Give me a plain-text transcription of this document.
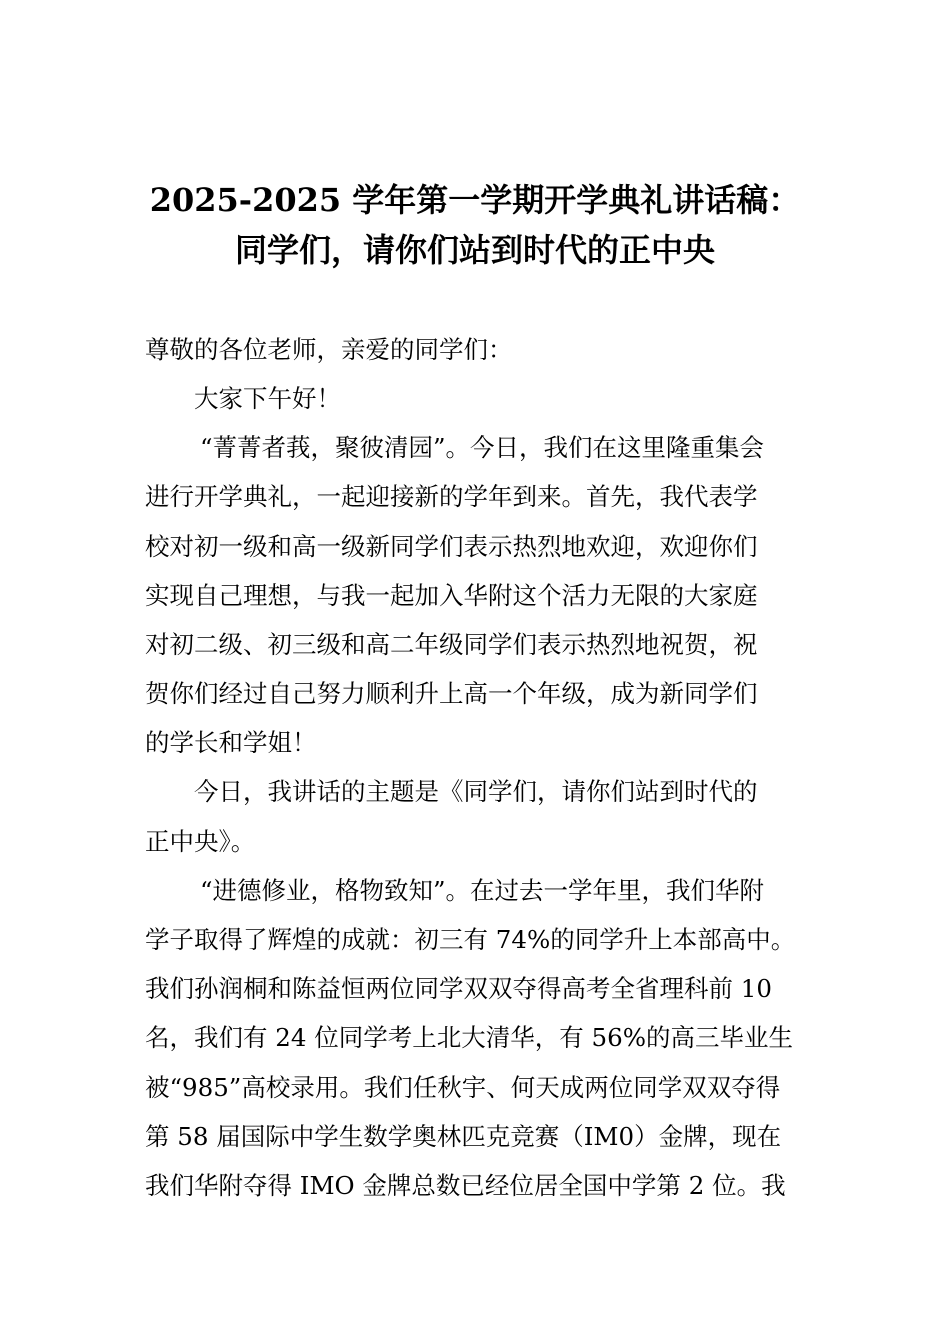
2025-2025 学年第一学期开学典礼讲话稿：
同学们，请你们站到时代的正中央
尊敬的各位老师，亲爱的同学们：
大家下午好！
“菁菁者莪，聚彼清园”。今日，我们在这里隆重集会
进行开学典礼，一起迎接新的学年到来。首先，我代表学
校对初一级和高一级新同学们表示热烈地欢迎，欢迎你们
实现自己理想，与我一起加入华附这个活力无限的大家庭
对初二级、初三级和高二年级同学们表示热烈地祝贺，祝
贺你们经过自己努力顺利升上高一个年级，成为新同学们
的学长和学姐！
今日，我讲话的主题是《同学们，请你们站到时代的
正中央》。
“进德修业，格物致知”。在过去一学年里，我们华附
学子取得了辉煌的成就：初三有 74%的同学升上本部高中。
我们孙润桐和陈益恒两位同学双双夺得高考全省理科前 10
名，我们有 24 位同学考上北大清华，有 56%的高三毕业生
被“985”高校录用。我们任秋宇、何天成两位同学双双夺得
第 58 届国际中学生数学奥林匹克竞赛（IM0）金牌，现在
我们华附夺得 IMO 金牌总数已经位居全国中学第 2 位。我
